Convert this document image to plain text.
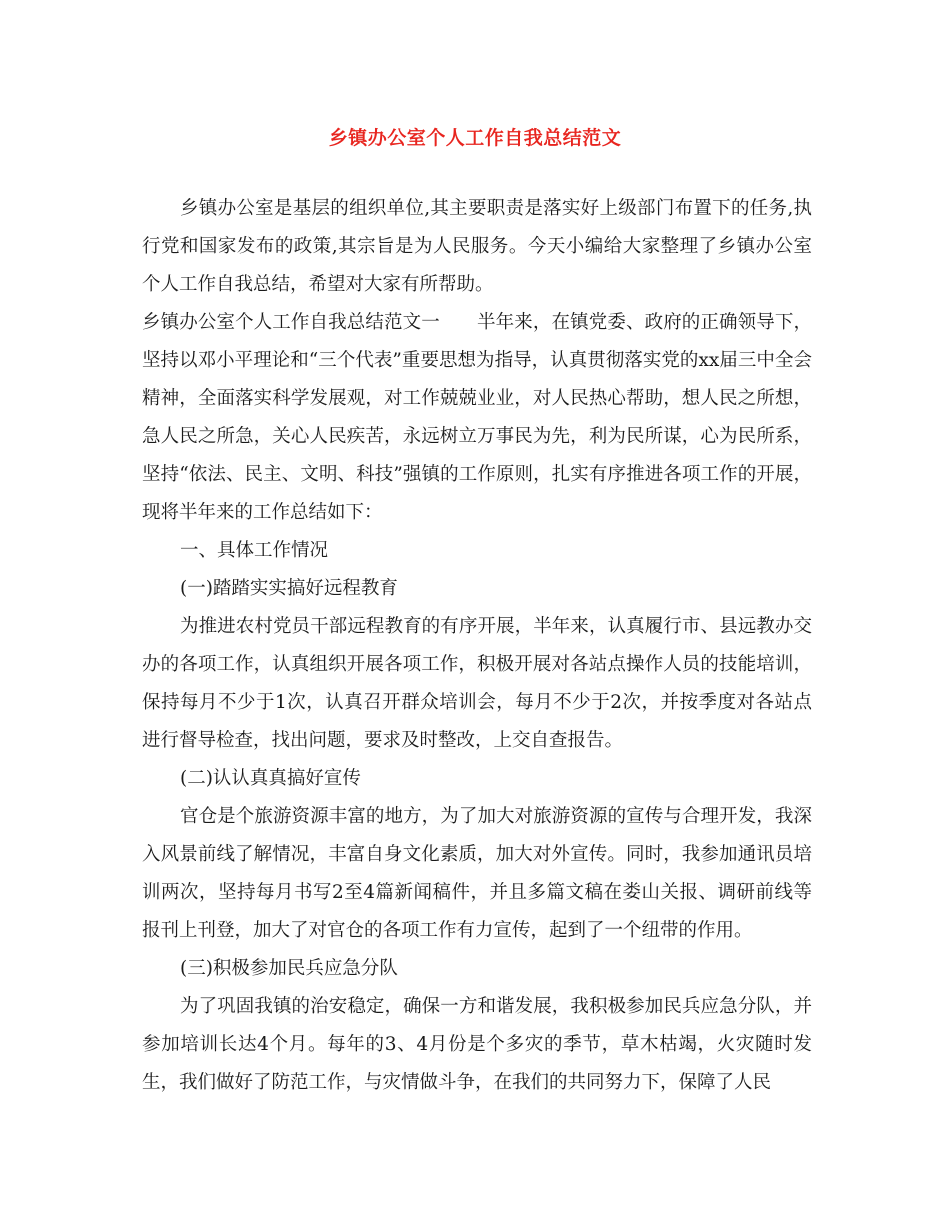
乡镇办公室个人工作自我总结范文

乡镇办公室是基层的组织单位,其主要职责是落实好上级部门布置下的任务,执行党和国家发布的政策,其宗旨是为人民服务。今天小编给大家整理了乡镇办公室个人工作自我总结，希望对大家有所帮助。

乡镇办公室个人工作自我总结范文一　　半年来，在镇党委、政府的正确领导下，坚持以邓小平理论和“三个代表”重要思想为指导，认真贯彻落实党的xx届三中全会精神，全面落实科学发展观，对工作兢兢业业，对人民热心帮助，想人民之所想，急人民之所急，关心人民疾苦，永远树立万事民为先，利为民所谋，心为民所系，坚持“依法、民主、文明、科技”强镇的工作原则，扎实有序推进各项工作的开展，现将半年来的工作总结如下：

一、具体工作情况

(一)踏踏实实搞好远程教育

为推进农村党员干部远程教育的有序开展，半年来，认真履行市、县远教办交办的各项工作，认真组织开展各项工作，积极开展对各站点操作人员的技能培训，保持每月不少于1次，认真召开群众培训会，每月不少于2次，并按季度对各站点进行督导检查，找出问题，要求及时整改，上交自查报告。

(二)认认真真搞好宣传

官仓是个旅游资源丰富的地方，为了加大对旅游资源的宣传与合理开发，我深入风景前线了解情况，丰富自身文化素质，加大对外宣传。同时，我参加通讯员培训两次，坚持每月书写2至4篇新闻稿件，并且多篇文稿在娄山关报、调研前线等报刊上刊登，加大了对官仓的各项工作有力宣传，起到了一个纽带的作用。

(三)积极参加民兵应急分队

为了巩固我镇的治安稳定，确保一方和谐发展，我积极参加民兵应急分队，并参加培训长达4个月。每年的3、4月份是个多灾的季节，草木枯竭，火灾随时发生，我们做好了防范工作，与灾情做斗争，在我们的共同努力下，保障了人民
